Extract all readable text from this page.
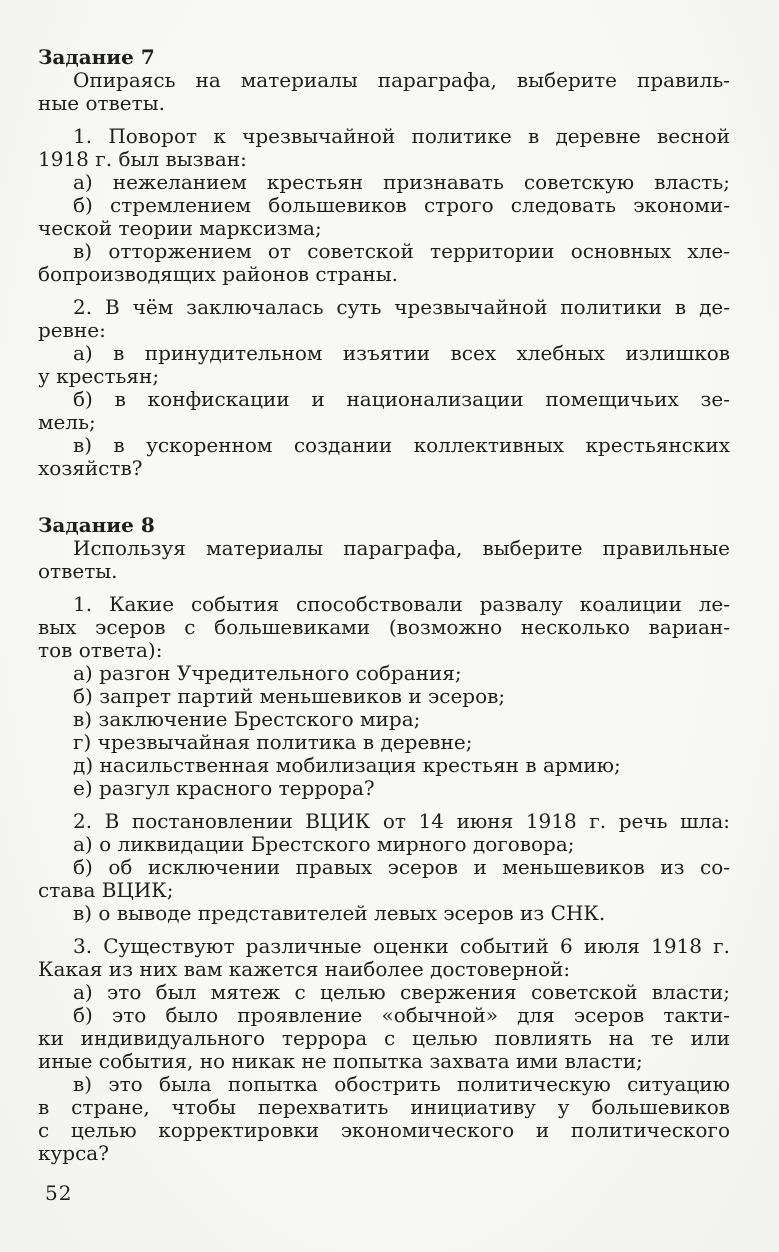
Задание 7
Опираясь на материалы параграфа, выберите правиль-
ные ответы.
1. Поворот к чрезвычайной политике в деревне весной
1918 г. был вызван:
а) нежеланием крестьян признавать советскую власть;
б) стремлением большевиков строго следовать экономи-
ческой теории марксизма;
в) отторжением от советской территории основных хле-
бопроизводящих районов страны.
2. В чём заключалась суть чрезвычайной политики в де-
ревне:
а) в принудительном изъятии всех хлебных излишков
у крестьян;
б) в конфискации и национализации помещичьих зе-
мель;
в) в ускоренном создании коллективных крестьянских
хозяйств?
Задание 8
Используя материалы параграфа, выберите правильные
ответы.
1. Какие события способствовали развалу коалиции ле-
вых эсеров с большевиками (возможно несколько вариан-
тов ответа):
а) разгон Учредительного собрания;
б) запрет партий меньшевиков и эсеров;
в) заключение Брестского мира;
г) чрезвычайная политика в деревне;
д) насильственная мобилизация крестьян в армию;
е) разгул красного террора?
2. В постановлении ВЦИК от 14 июня 1918 г. речь шла:
а) о ликвидации Брестского мирного договора;
б) об исключении правых эсеров и меньшевиков из со-
става ВЦИК;
в) о выводе представителей левых эсеров из СНК.
3. Существуют различные оценки событий 6 июля 1918 г.
Какая из них вам кажется наиболее достоверной:
а) это был мятеж с целью свержения советской власти;
б) это было проявление «обычной» для эсеров такти-
ки индивидуального террора с целью повлиять на те или
иные события, но никак не попытка захвата ими власти;
в) это была попытка обострить политическую ситуацию
в стране, чтобы перехватить инициативу у большевиков
с целью корректировки экономического и политического
курса?
52
